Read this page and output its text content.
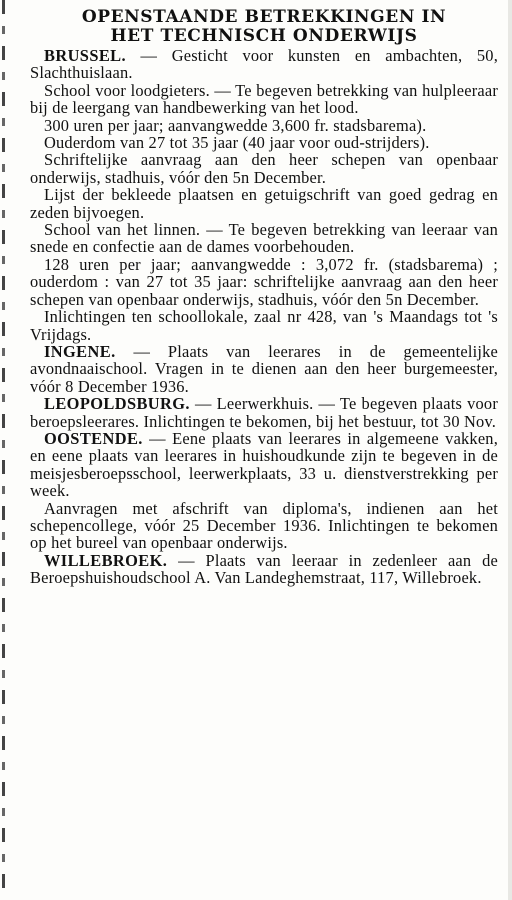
OPENSTAANDE BETREKKINGEN IN
HET TECHNISCH ONDERWIJS

BRUSSEL. — Gesticht voor kunsten en ambachten, 50, Slachthuislaan.

School voor loodgieters. — Te begeven betrekking van hulpleeraar bij de leergang van handbewerking van het lood.

300 uren per jaar; aanvangwedde 3,600 fr. stadsbarema).

Ouderdom van 27 tot 35 jaar (40 jaar voor oud-strijders).

Schriftelijke aanvraag aan den heer schepen van openbaar onderwijs, stadhuis, vóór den 5n December.

Lijst der bekleede plaatsen en getuigschrift van goed gedrag en zeden bijvoegen.

School van het linnen. — Te begeven betrekking van leeraar van snede en confectie aan de dames voorbehouden.

128 uren per jaar; aanvangwedde : 3,072 fr. (stadsbarema) ; ouderdom : van 27 tot 35 jaar: schriftelijke aanvraag aan den heer schepen van openbaar onderwijs, stadhuis, vóór den 5n December.

Inlichtingen ten schoollokale, zaal nr 428, van 's Maandags tot 's Vrijdags.

INGENE. — Plaats van leerares in de gemeentelijke avondnaaischool. Vragen in te dienen aan den heer burgemeester, vóór 8 December 1936.

LEOPOLDSBURG. — Leerwerkhuis. — Te begeven plaats voor beroepsleerares. Inlichtingen te bekomen, bij het bestuur, tot 30 Nov.

OOSTENDE. — Eene plaats van leerares in algemeene vakken, en eene plaats van leerares in huishoudkunde zijn te begeven in de meisjesberoepsschool, leerwerkplaats, 33 u. dienstverstrekking per week.

Aanvragen met afschrift van diploma's, indienen aan het schepencollege, vóór 25 December 1936. Inlichtingen te bekomen op het bureel van openbaar onderwijs.

WILLEBROEK. — Plaats van leeraar in zedenleer aan de Beroepshuishoudschool A. Van Landeghemstraat, 117, Willebroek.
